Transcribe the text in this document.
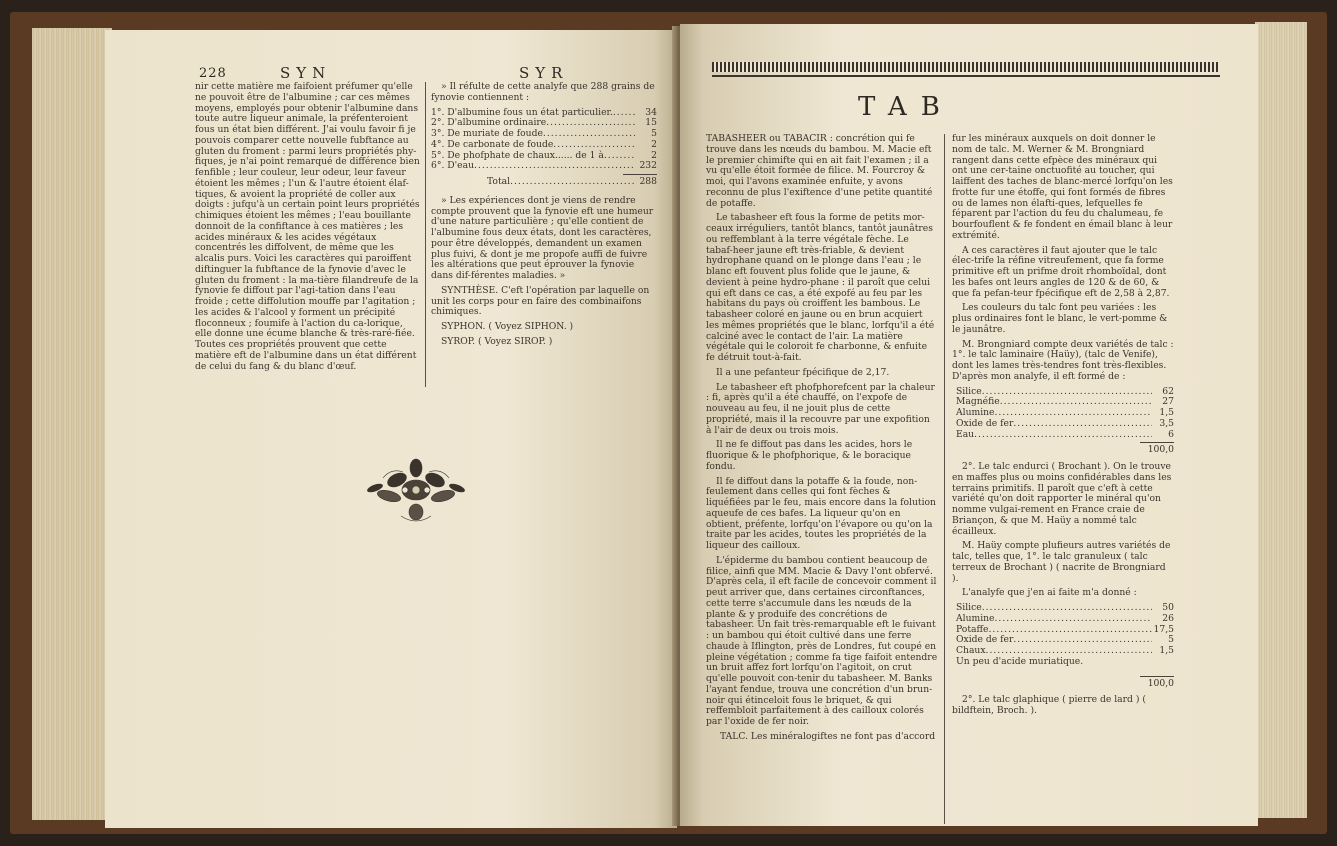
228	SYN	SYR

nir cette matière me faifoient préfumer qu'elle ne pouvoit être de l'albumine ; car ces mêmes moyens, employés pour obtenir l'albumine dans toute autre liqueur animale, la préfenteroient fous un état bien différent. J'ai voulu favoir fi je pouvois comparer cette nouvelle fubftance au gluten du froment : parmi leurs propriétés phy-fiques, je n'ai point remarqué de différence bien fenfible ; leur couleur, leur odeur, leur faveur étoient les mêmes ; l'un & l'autre étoient élaf-tiques, & avoient la propriété de coller aux doigts : jufqu'à un certain point leurs propriétés chimiques étoient les mêmes ; l'eau bouillante donnoit de la confiftance à ces matières ; les acides minéraux & les acides végétaux concentrés les diffolvent, de même que les alcalis purs. Voici les caractères qui paroiffent diftinguer la fubftance de la fynovie d'avec le gluten du froment : la ma-tière filandreufe de la fynovie fe diffout par l'agi-tation dans l'eau froide ; cette diffolution mouffe par l'agitation ; les acides & l'alcool y forment un précipité floconneux ; foumife à l'action du ca-lorique, elle donne une écume blanche & très-raré-fiée. Toutes ces propriétés prouvent que cette matière eft de l'albumine dans un état différent de celui du fang & du blanc d'œuf.

» Il réfulte de cette analyfe que 288 grains de fynovie contiennent :

1°. D'albumine fous un état particulier. .....	34
2°. D'albumine ordinaire .....	15
3°. De muriate de foude .....	5
4°. De carbonate de foude .....	2
5°. De phofphate de chaux...... de 1 à .....	2
6°. D'eau .....	232
Total .....	288

» Les expériences dont je viens de rendre compte prouvent que la fynovie eft une humeur d'une nature particulière ; qu'elle contient de l'albumine fous deux états, dont les caractères, pour être développés, demandent un examen plus fuivi, & dont je me propofe auffi de fuivre les altérations que peut éprouver la fynovie dans dif-férentes maladies. »

SYNTHÈSE. C'eft l'opération par laquelle on unit les corps pour en faire des combinaifons chimiques.

SYPHON. ( Voyez SIPHON. )

SYROP. ( Voyez SIROP. )

TAB

TABASHEER ou TABACIR : concrétion qui fe trouve dans les nœuds du bambou. M. Macie eft le premier chimifte qui en ait fait l'examen ; il a vu qu'elle étoit formée de filice. M. Fourcroy & moi, qui l'avons examinée enfuite, y avons reconnu de plus l'exiftence d'une petite quantité de potaffe.

Le tabasheer eft fous la forme de petits mor-ceaux irréguliers, tantôt blancs, tantôt jaunâtres ou reffemblant à la terre végétale fèche. Le tabaf-heer jaune eft très-friable, & devient hydrophane quand on le plonge dans l'eau ; le blanc eft fouvent plus folide que le jaune, & devient à peine hydro-phane : il paroît que celui qui eft dans ce cas, a été expofé au feu par les habitans du pays où croiffent les bambous. Le tabasheer coloré en jaune ou en brun acquiert les mêmes propriétés que le blanc, lorfqu'il a été calciné avec le contact de l'air. La matière végétale qui le coloroit fe charbonne, & enfuite fe détruit tout-à-fait.

Il a une pefanteur fpécifique de 2,17.

Le tabasheer eft phofphorefcent par la chaleur : fi, après qu'il a été chauffé, on l'expofe de nouveau au feu, il ne jouit plus de cette propriété, mais il la recouvre par une expofition à l'air de deux ou trois mois.

Il ne fe diffout pas dans les acides, hors le fluorique & le phofphorique, & le boracique fondu.

Il fe diffout dans la potaffe & la foude, non-feulement dans celles qui font fèches & liquéfiées par le feu, mais encore dans la folution aqueufe de ces bafes. La liqueur qu'on en obtient, préfente, lorfqu'on l'évapore ou qu'on la traite par les acides, toutes les propriétés de la liqueur des cailloux.

L'épiderme du bambou contient beaucoup de filice, ainfi que MM. Macie & Davy l'ont obfervé. D'après cela, il eft facile de concevoir comment il peut arriver que, dans certaines circonftances, cette terre s'accumule dans les nœuds de la plante & y produife des concrétions de tabasheer. Un fait très-remarquable eft le fuivant : un bambou qui étoit cultivé dans une ferre chaude à Iflington, près de Londres, fut coupé en pleine végétation ; comme fa tige faifoit entendre un bruit affez fort lorfqu'on l'agitoit, on crut qu'elle pouvoit con-tenir du tabasheer. M. Banks l'ayant fendue, trouva une concrétion d'un brun-noir qui étinceloit fous le briquet, & qui reffembloit parfaitement à des cailloux colorés par l'oxide de fer noir.

TALC. Les minéralogiftes ne font pas d'accord

fur les minéraux auxquels on doit donner le nom de talc. M. Werner & M. Brongniard rangent dans cette efpèce des minéraux qui ont une cer-taine onctuofité au toucher, qui laiffent des taches de blanc-mercé lorfqu'on les frotte fur une étoffe, qui font formés de fibres ou de lames non élafti-ques, lefquelles fe féparent par l'action du feu du chalumeau, fe bourfouflent & fe fondent en émail blanc à leur extrémité.

A ces caractères il faut ajouter que le talc élec-trife la réfine vitreufement, que fa forme primitive eft un prifme droit rhomboïdal, dont les bafes ont leurs angles de 120 & de 60, & que fa pefan-teur fpécifique eft de 2,58 à 2,87.

Les couleurs du talc font peu variées : les plus ordinaires font le blanc, le vert-pomme & le jaunâtre.

M. Brongniard compte deux variétés de talc : 1°. le talc laminaire (Haüy), (talc de Venife), dont les lames très-tendres font très-flexibles. D'après mon analyfe, il eft formé de :

Silice .....	62
Magnéfie .....	27
Alumine .....	1,5
Oxide de fer .....	3,5
Eau .....	6
100,0

2°. Le talc endurci ( Brochant ). On le trouve en maffes plus ou moins confidérables dans les terrains primitifs. Il paroît que c'eft à cette variété qu'on doit rapporter le minéral qu'on nomme vulgai-rement en France craie de Briançon, & que M. Haüy a nommé talc écailleux.

M. Haüy compte plufieurs autres variétés de talc, telles que, 1°. le talc granuleux ( talc terreux de Brochant ) ( nacrite de Brongniard ).

L'analyfe que j'en ai faite m'a donné :

Silice .....	50
Alumine .....	26
Potaffe .....	17,5
Oxide de fer .....	5
Chaux .....	1,5
Un peu d'acide muriatique.
100,0

2°. Le talc glaphique ( pierre de lard ) ( bildftein, Broch. ).
